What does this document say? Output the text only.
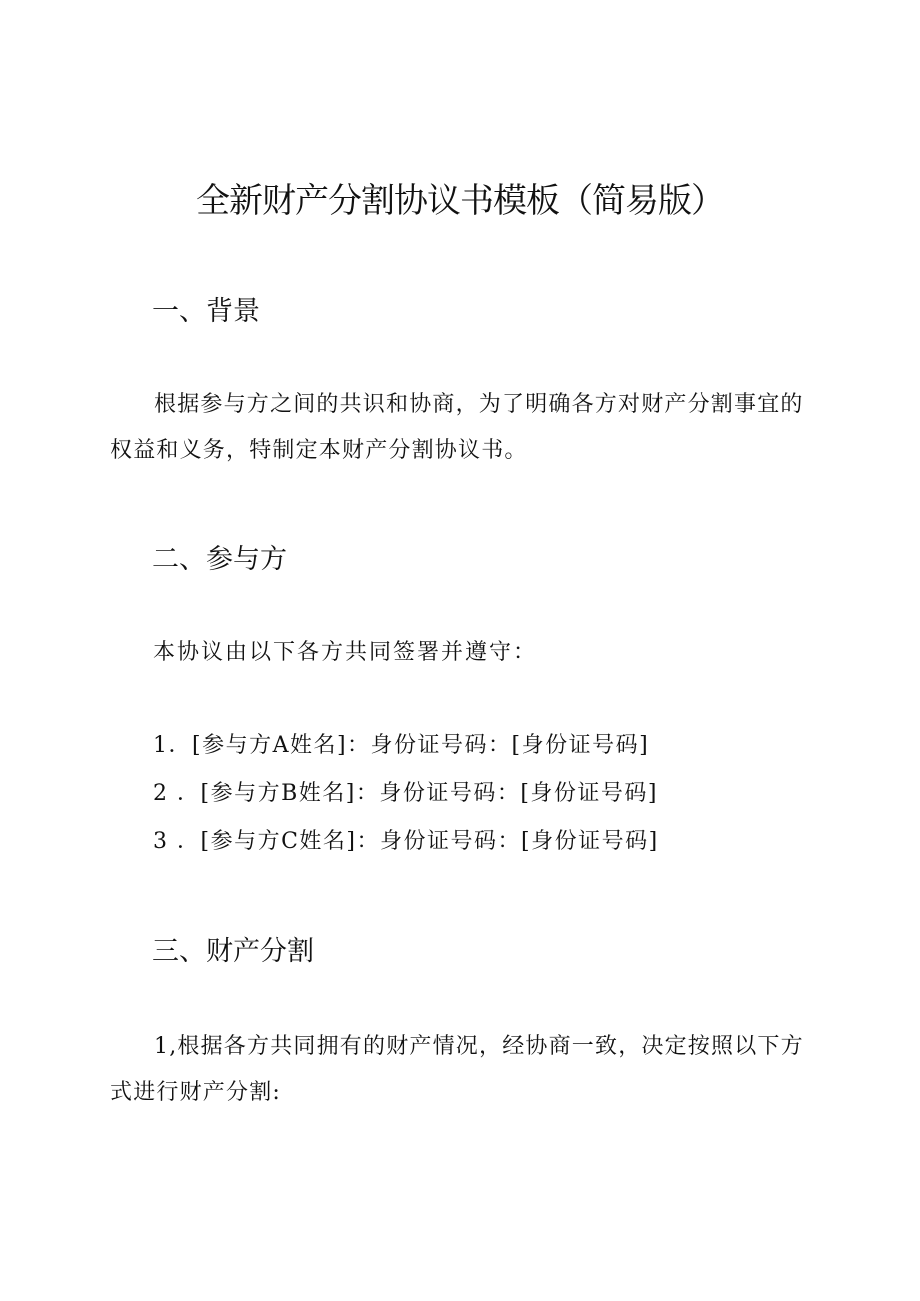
全新财产分割协议书模板（简易版）
一、背景

根据参与方之间的共识和协商，为了明确各方对财产分割事宜的权益和义务，特制定本财产分割协议书。

二、参与方

本协议由以下各方共同签署并遵守：

1．[参与方A姓名]：身份证号码：[身份证号码]

2 ．[参与方B姓名]：身份证号码：[身份证号码]

3 ．[参与方C姓名]：身份证号码：[身份证号码]

三、财产分割

1,根据各方共同拥有的财产情况，经协商一致，决定按照以下方式进行财产分割:
